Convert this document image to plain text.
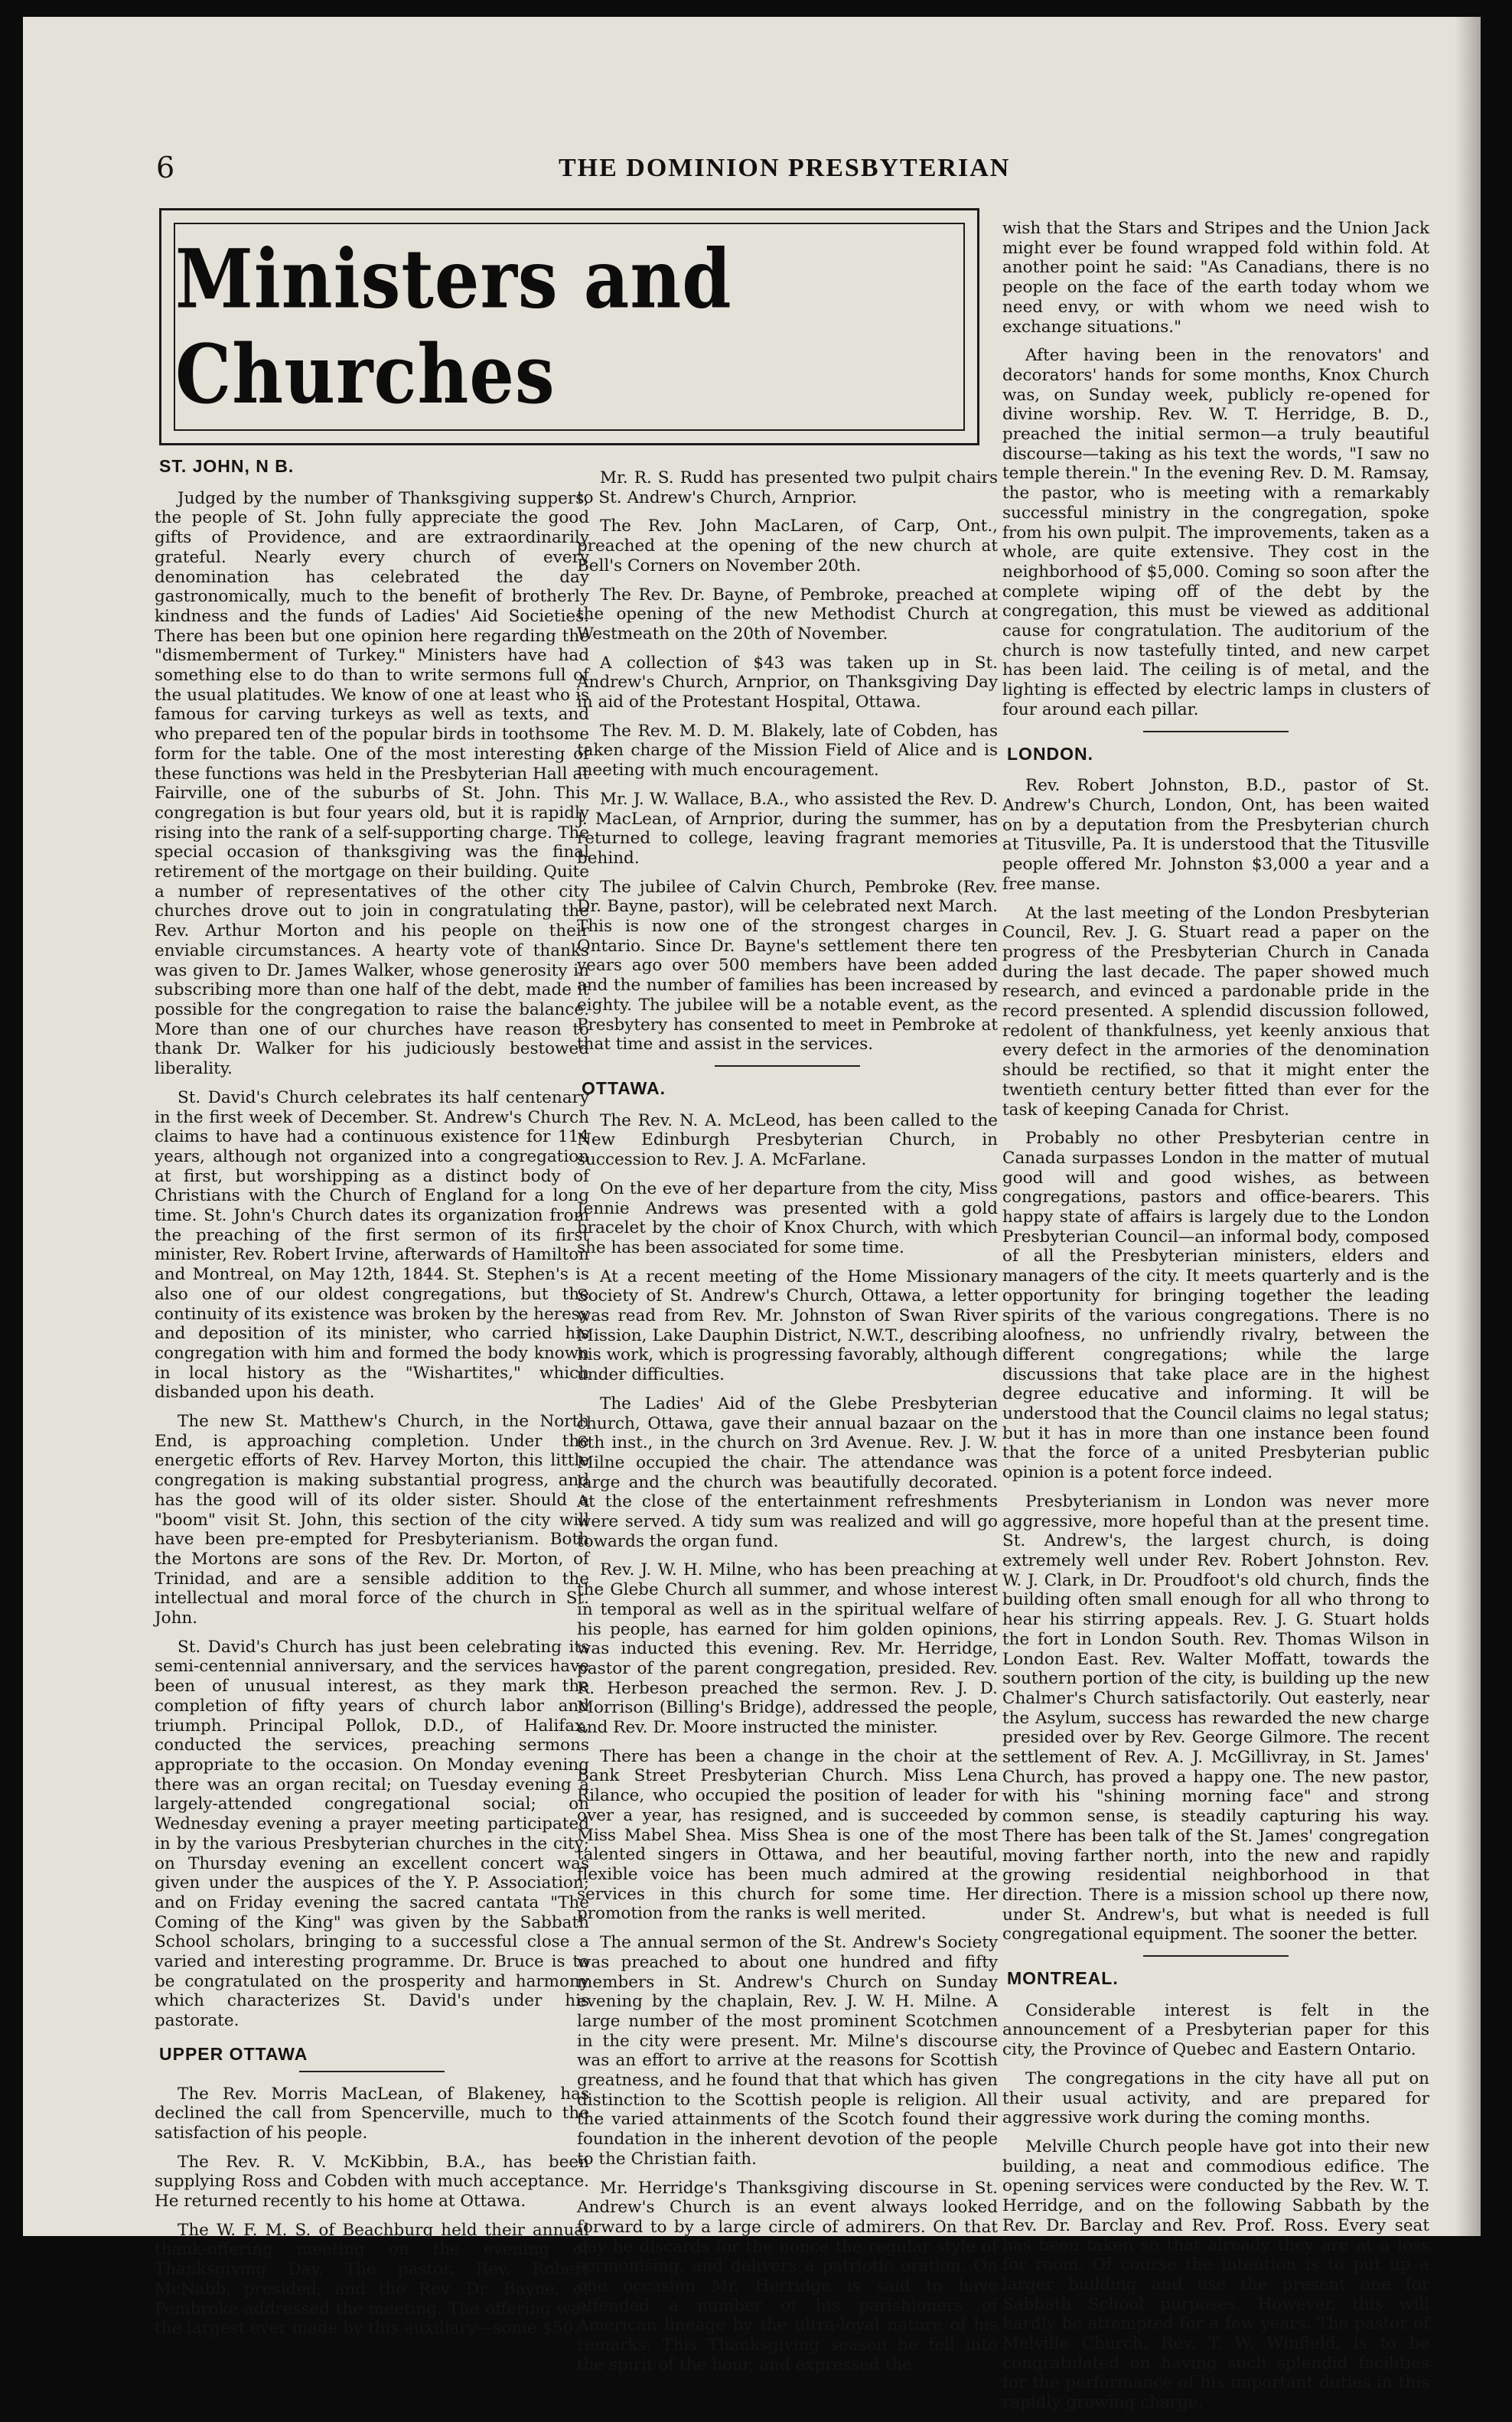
6	THE DOMINION PRESBYTERIAN
Ministers and Churches
ST. JOHN, N B.

Judged by the number of Thanksgiving suppers, the people of St. John fully appreciate the good gifts of Providence, and are extraordinarily grateful. Nearly every church of every denomination has celebrated the day gastronomically, much to the benefit of brotherly kindness and the funds of Ladies' Aid Societies. There has been but one opinion here regarding the "dismemberment of Turkey." Ministers have had something else to do than to write sermons full of the usual platitudes. We know of one at least who is famous for carving turkeys as well as texts, and who prepared ten of the popular birds in toothsome form for the table. One of the most interesting of these functions was held in the Presbyterian Hall at Fairville, one of the suburbs of St. John. This congregation is but four years old, but it is rapidly rising into the rank of a self-supporting charge. The special occasion of thanksgiving was the final retirement of the mortgage on their building. Quite a number of representatives of the other city churches drove out to join in congratulating the Rev. Arthur Morton and his people on their enviable circumstances. A hearty vote of thanks was given to Dr. James Walker, whose generosity in subscribing more than one half of the debt, made it possible for the congregation to raise the balance. More than one of our churches have reason to thank Dr. Walker for his judiciously bestowed liberality.

St. David's Church celebrates its half centenary in the first week of December. St. Andrew's Church claims to have had a continuous existence for 114 years, although not organized into a congregation at first, but worshipping as a distinct body of Christians with the Church of England for a long time. St. John's Church dates its organization from the preaching of the first sermon of its first minister, Rev. Robert Irvine, afterwards of Hamilton and Montreal, on May 12th, 1844. St. Stephen's is also one of our oldest congregations, but the continuity of its existence was broken by the heresy and deposition of its minister, who carried his congregation with him and formed the body known in local history as the "Wishartites," which disbanded upon his death.

The new St. Matthew's Church, in the North End, is approaching completion. Under the energetic efforts of Rev. Harvey Morton, this little congregation is making substantial progress, and has the good will of its older sister. Should a "boom" visit St. John, this section of the city will have been pre-empted for Presbyterianism. Both the Mortons are sons of the Rev. Dr. Morton, of Trinidad, and are a sensible addition to the intellectual and moral force of the church in St. John.

St. David's Church has just been celebrating its semi-centennial anniversary, and the services have been of unusual interest, as they mark the completion of fifty years of church labor and triumph. Principal Pollok, D.D., of Halifax, conducted the services, preaching sermons appropriate to the occasion. On Monday evening there was an organ recital; on Tuesday evening a largely-attended congregational social; on Wednesday evening a prayer meeting participated in by the various Presbyterian churches in the city; on Thursday evening an excellent concert was given under the auspices of the Y. P. Association; and on Friday evening the sacred cantata "The Coming of the King" was given by the Sabbath School scholars, bringing to a successful close a varied and interesting programme. Dr. Bruce is to be congratulated on the prosperity and harmony which characterizes St. David's under his pastorate.

UPPER OTTAWA

The Rev. Morris MacLean, of Blakeney, has declined the call from Spencerville, much to the satisfaction of his people.

The Rev. R. V. McKibbin, B.A., has been supplying Ross and Cobden with much acceptance. He returned recently to his home at Ottawa.

The W. F. M. S. of Beachburg held their annual thank-offering meeting on the evening of Thanksgiving Day. The pastor, Rev. Robert McNabb, presided, and the Rev. Dr. Bayne, of Pembroke addressed the meeting. The offering was the largest ever made by this auxiliary—some $50.

Mr. R. S. Rudd has presented two pulpit chairs to St. Andrew's Church, Arnprior.

The Rev. John MacLaren, of Carp, Ont., preached at the opening of the new church at Bell's Corners on November 20th.

The Rev. Dr. Bayne, of Pembroke, preached at the opening of the new Methodist Church at Westmeath on the 20th of November.

A collection of $43 was taken up in St. Andrew's Church, Arnprior, on Thanksgiving Day in aid of the Protestant Hospital, Ottawa.

The Rev. M. D. M. Blakely, late of Cobden, has taken charge of the Mission Field of Alice and is meeting with much encouragement.

Mr. J. W. Wallace, B.A., who assisted the Rev. D. J. MacLean, of Arnprior, during the summer, has returned to college, leaving fragrant memories behind.

The jubilee of Calvin Church, Pembroke (Rev. Dr. Bayne, pastor), will be celebrated next March. This is now one of the strongest charges in Ontario. Since Dr. Bayne's settlement there ten years ago over 500 members have been added and the number of families has been increased by eighty. The jubilee will be a notable event, as the Presbytery has consented to meet in Pembroke at that time and assist in the services.

OTTAWA.

The Rev. N. A. McLeod, has been called to the New Edinburgh Presbyterian Church, in succession to Rev. J. A. McFarlane.

On the eve of her departure from the city, Miss Jennie Andrews was presented with a gold bracelet by the choir of Knox Church, with which she has been associated for some time.

At a recent meeting of the Home Missionary Society of St. Andrew's Church, Ottawa, a letter was read from Rev. Mr. Johnston of Swan River Mission, Lake Dauphin District, N.W.T., describing his work, which is progressing favorably, although under difficulties.

The Ladies' Aid of the Glebe Presbyterian church, Ottawa, gave their annual bazaar on the 6th inst., in the church on 3rd Avenue. Rev. J. W. Milne occupied the chair. The attendance was large and the church was beautifully decorated. At the close of the entertainment refreshments were served. A tidy sum was realized and will go towards the organ fund.

Rev. J. W. H. Milne, who has been preaching at the Glebe Church all summer, and whose interest in temporal as well as in the spiritual welfare of his people, has earned for him golden opinions, was inducted this evening. Rev. Mr. Herridge, pastor of the parent congregation, presided. Rev. R. Herbeson preached the sermon. Rev. J. D. Morrison (Billing's Bridge), addressed the people, and Rev. Dr. Moore instructed the minister.

There has been a change in the choir at the Bank Street Presbyterian Church. Miss Lena Rilance, who occupied the position of leader for over a year, has resigned, and is succeeded by Miss Mabel Shea. Miss Shea is one of the most talented singers in Ottawa, and her beautiful, flexible voice has been much admired at the services in this church for some time. Her promotion from the ranks is well merited.

The annual sermon of the St. Andrew's Society was preached to about one hundred and fifty members in St. Andrew's Church on Sunday evening by the chaplain, Rev. J. W. H. Milne. A large number of the most prominent Scotchmen in the city were present. Mr. Milne's discourse was an effort to arrive at the reasons for Scottish greatness, and he found that that which has given distinction to the Scottish people is religion. All the varied attainments of the Scotch found their foundation in the inherent devotion of the people to the Christian faith.

Mr. Herridge's Thanksgiving discourse in St. Andrew's Church is an event always looked forward to by a large circle of admirers. On that day he discards for the nonce the regular style of sermonising, and delivers a patriotic oration. On one occasion Mr. Herridge is said to have offended a number of his parishioners of American lineage by the ultra-loyal nature of his remarks. This Thanksgiving season he fell into the spirit of the hour, and expressed the

wish that the Stars and Stripes and the Union Jack might ever be found wrapped fold within fold. At another point he said: "As Canadians, there is no people on the face of the earth today whom we need envy, or with whom we need wish to exchange situations."

After having been in the renovators' and decorators' hands for some months, Knox Church was, on Sunday week, publicly re-opened for divine worship. Rev. W. T. Herridge, B. D., preached the initial sermon—a truly beautiful discourse—taking as his text the words, "I saw no temple therein." In the evening Rev. D. M. Ramsay, the pastor, who is meeting with a remarkably successful ministry in the congregation, spoke from his own pulpit. The improvements, taken as a whole, are quite extensive. They cost in the neighborhood of $5,000. Coming so soon after the complete wiping off of the debt by the congregation, this must be viewed as additional cause for congratulation. The auditorium of the church is now tastefully tinted, and new carpet has been laid. The ceiling is of metal, and the lighting is effected by electric lamps in clusters of four around each pillar.

LONDON.

Rev. Robert Johnston, B.D., pastor of St. Andrew's Church, London, Ont, has been waited on by a deputation from the Presbyterian church at Titusville, Pa. It is understood that the Titusville people offered Mr. Johnston $3,000 a year and a free manse.

At the last meeting of the London Presbyterian Council, Rev. J. G. Stuart read a paper on the progress of the Presbyterian Church in Canada during the last decade. The paper showed much research, and evinced a pardonable pride in the record presented. A splendid discussion followed, redolent of thankfulness, yet keenly anxious that every defect in the armories of the denomination should be rectified, so that it might enter the twentieth century better fitted than ever for the task of keeping Canada for Christ.

Probably no other Presbyterian centre in Canada surpasses London in the matter of mutual good will and good wishes, as between congregations, pastors and office-bearers. This happy state of affairs is largely due to the London Presbyterian Council—an informal body, composed of all the Presbyterian ministers, elders and managers of the city. It meets quarterly and is the opportunity for bringing together the leading spirits of the various congregations. There is no aloofness, no unfriendly rivalry, between the different congregations; while the large discussions that take place are in the highest degree educative and informing. It will be understood that the Council claims no legal status; but it has in more than one instance been found that the force of a united Presbyterian public opinion is a potent force indeed.

Presbyterianism in London was never more aggressive, more hopeful than at the present time. St. Andrew's, the largest church, is doing extremely well under Rev. Robert Johnston. Rev. W. J. Clark, in Dr. Proudfoot's old church, finds the building often small enough for all who throng to hear his stirring appeals. Rev. J. G. Stuart holds the fort in London South. Rev. Thomas Wilson in London East. Rev. Walter Moffatt, towards the southern portion of the city, is building up the new Chalmer's Church satisfactorily. Out easterly, near the Asylum, success has rewarded the new charge presided over by Rev. George Gilmore. The recent settlement of Rev. A. J. McGillivray, in St. James' Church, has proved a happy one. The new pastor, with his "shining morning face" and strong common sense, is steadily capturing his way. There has been talk of the St. James' congregation moving farther north, into the new and rapidly growing residential neighborhood in that direction. There is a mission school up there now, under St. Andrew's, but what is needed is full congregational equipment. The sooner the better.

MONTREAL.

Considerable interest is felt in the announcement of a Presbyterian paper for this city, the Province of Quebec and Eastern Ontario.

The congregations in the city have all put on their usual activity, and are prepared for aggressive work during the coming months.

Melville Church people have got into their new building, a neat and commodious edifice. The opening services were conducted by the Rev. W. T. Herridge, and on the following Sabbath by the Rev. Dr. Barclay and Rev. Prof. Ross. Every seat has been taken so that already they are at a loss for room. Of course the intention is to put up a larger building and use the present one for Sabbath School purposes. However, this will hardly be attempted for a few years. The pastor of Melville Church, Rev. T. W. Winfield, is to be congratulated on having such splendid facilities for the performance of his important duties in this rapidly growing charge.
